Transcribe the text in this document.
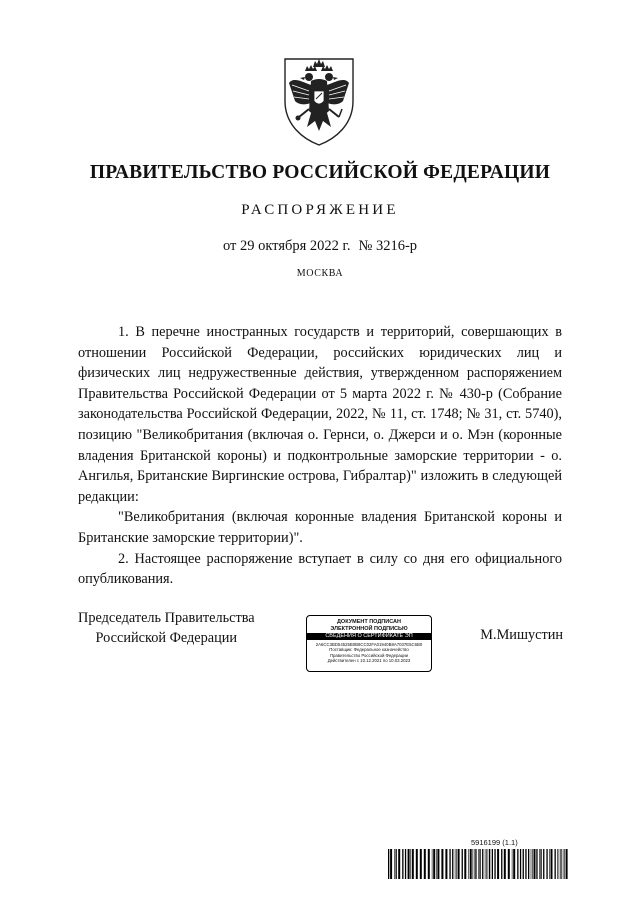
ПРАВИТЕЛЬСТВО РОССИЙСКОЙ ФЕДЕРАЦИИ
РАСПОРЯЖЕНИЕ
от 29 октября 2022 г. № 3216-р
МОСКВА

1. В перечне иностранных государств и территорий, совершающих в отношении Российской Федерации, российских юридических лиц и физических лиц недружественные действия, утвержденном распоряжением Правительства Российской Федерации от 5 марта 2022 г. № 430-р (Собрание законодательства Российской Федерации, 2022, № 11, ст. 1748; № 31, ст. 5740), позицию "Великобритания (включая о. Гернси, о. Джерси и о. Мэн (коронные владения Британской короны) и подконтрольные заморские территории - о. Ангилья, Британские Виргинские острова, Гибралтар)" изложить в следующей редакции:

"Великобритания (включая коронные владения Британской короны и Британские заморские территории)".

2. Настоящее распоряжение вступает в силу со дня его официального опубликования.

Председатель Правительства
Российской Федерации
ДОКУМЕНТ ПОДПИСАН
ЭЛЕКТРОННОЙ ПОДПИСЬЮ
СВЕДЕНИЯ О СЕРТИФИКАТЕ ЭП
2A6CC3BD54525B0B8CC02FA01940B8A7037E5C6B0
Поставщик: Федеральное казначейство
Правительство Российской Федерации
Действителен с 10.12.2021 по 10.03.2023
М.Мишустин
5916199 (1.1)
